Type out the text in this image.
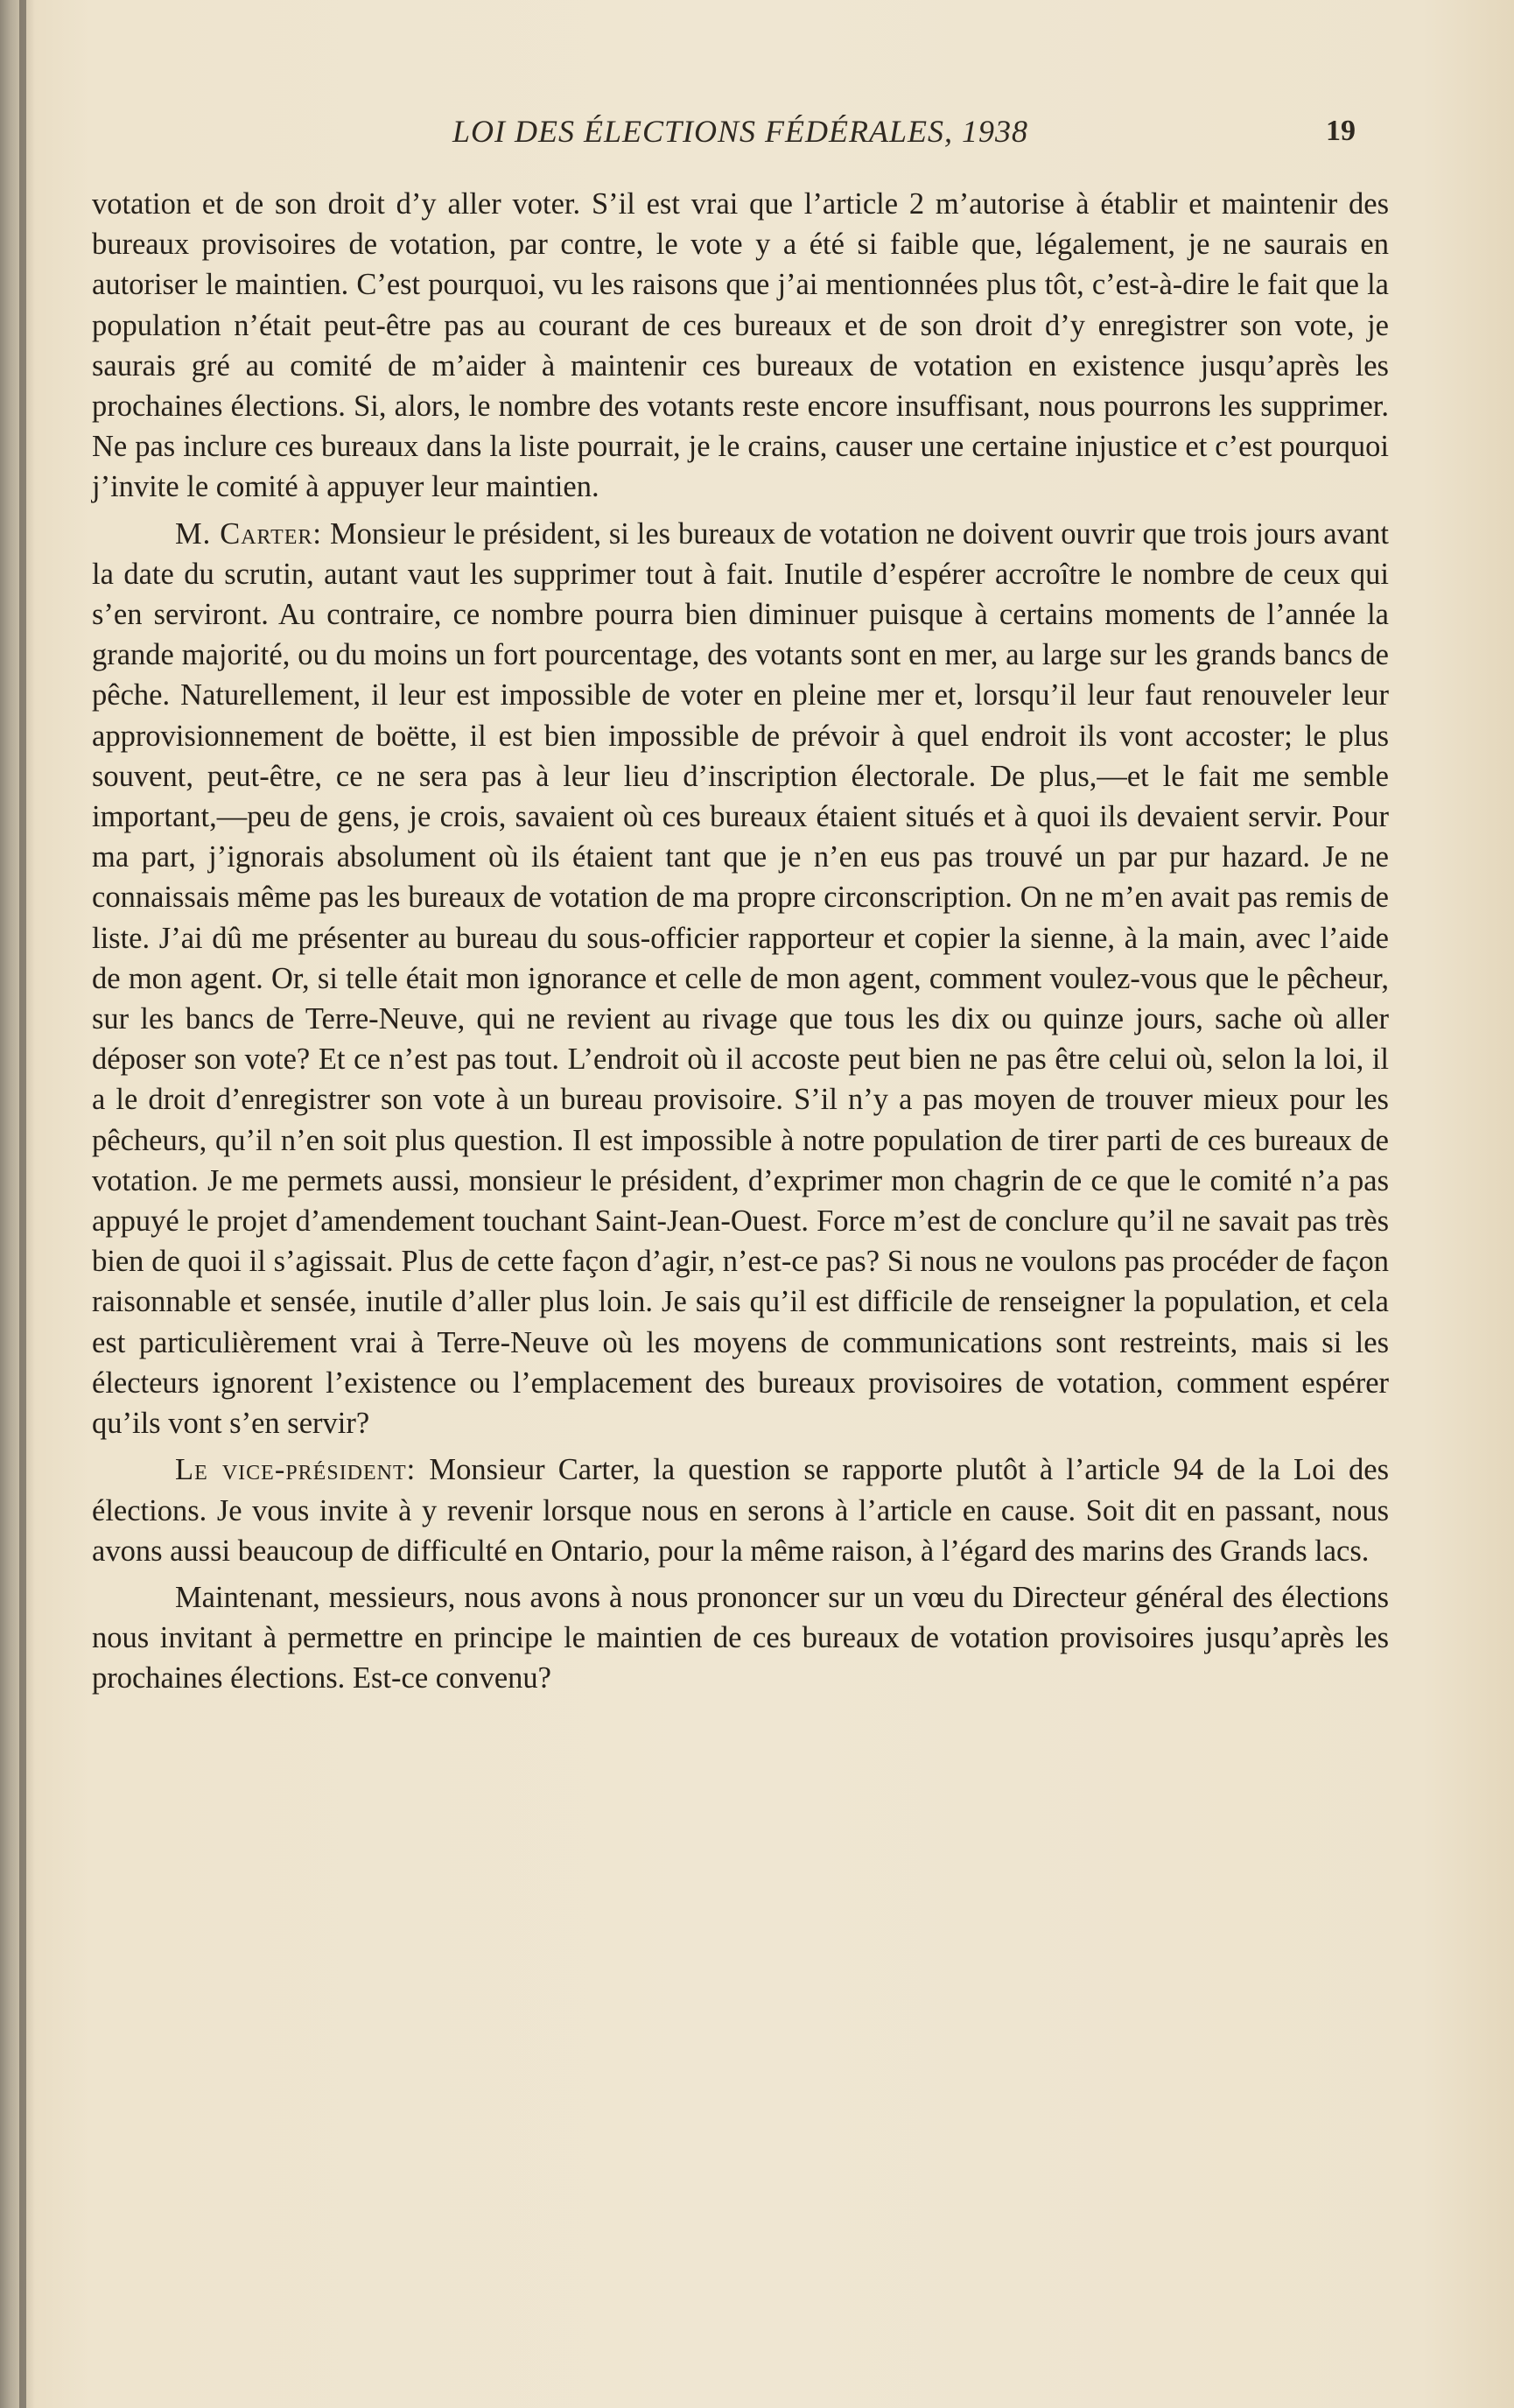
LOI DES ÉLECTIONS FÉDÉRALES, 1938	19

votation et de son droit d’y aller voter. S’il est vrai que l’article 2 m’autorise à établir et maintenir des bureaux provisoires de votation, par contre, le vote y a été si faible que, légalement, je ne saurais en autoriser le maintien. C’est pourquoi, vu les raisons que j’ai mentionnées plus tôt, c’est-à-dire le fait que la population n’était peut-être pas au courant de ces bureaux et de son droit d’y enregistrer son vote, je saurais gré au comité de m’aider à maintenir ces bureaux de votation en existence jusqu’après les prochaines élections. Si, alors, le nombre des votants reste encore insuffisant, nous pourrons les supprimer. Ne pas inclure ces bureaux dans la liste pourrait, je le crains, causer une certaine injustice et c’est pourquoi j’invite le comité à appuyer leur maintien.

M. Carter: Monsieur le président, si les bureaux de votation ne doivent ouvrir que trois jours avant la date du scrutin, autant vaut les supprimer tout à fait. Inutile d’espérer accroître le nombre de ceux qui s’en serviront. Au contraire, ce nombre pourra bien diminuer puisque à certains moments de l’année la grande majorité, ou du moins un fort pourcentage, des votants sont en mer, au large sur les grands bancs de pêche. Naturellement, il leur est impossible de voter en pleine mer et, lorsqu’il leur faut renouveler leur approvisionnement de boëtte, il est bien impossible de prévoir à quel endroit ils vont accoster; le plus souvent, peut-être, ce ne sera pas à leur lieu d’inscription électorale. De plus,—et le fait me semble important,—peu de gens, je crois, savaient où ces bureaux étaient situés et à quoi ils devaient servir. Pour ma part, j’ignorais absolument où ils étaient tant que je n’en eus pas trouvé un par pur hazard. Je ne connaissais même pas les bureaux de votation de ma propre circonscription. On ne m’en avait pas remis de liste. J’ai dû me présenter au bureau du sous-officier rapporteur et copier la sienne, à la main, avec l’aide de mon agent. Or, si telle était mon ignorance et celle de mon agent, comment voulez-vous que le pêcheur, sur les bancs de Terre-Neuve, qui ne revient au rivage que tous les dix ou quinze jours, sache où aller déposer son vote? Et ce n’est pas tout. L’endroit où il accoste peut bien ne pas être celui où, selon la loi, il a le droit d’enregistrer son vote à un bureau provisoire. S’il n’y a pas moyen de trouver mieux pour les pêcheurs, qu’il n’en soit plus question. Il est impossible à notre population de tirer parti de ces bureaux de votation. Je me permets aussi, monsieur le président, d’exprimer mon chagrin de ce que le comité n’a pas appuyé le projet d’amendement touchant Saint-Jean-Ouest. Force m’est de conclure qu’il ne savait pas très bien de quoi il s’agissait. Plus de cette façon d’agir, n’est-ce pas? Si nous ne voulons pas procéder de façon raisonnable et sensée, inutile d’aller plus loin. Je sais qu’il est difficile de renseigner la population, et cela est particulièrement vrai à Terre-Neuve où les moyens de communications sont restreints, mais si les électeurs ignorent l’existence ou l’emplacement des bureaux provisoires de votation, comment espérer qu’ils vont s’en servir?

Le vice-président: Monsieur Carter, la question se rapporte plutôt à l’article 94 de la Loi des élections. Je vous invite à y revenir lorsque nous en serons à l’article en cause. Soit dit en passant, nous avons aussi beaucoup de difficulté en Ontario, pour la même raison, à l’égard des marins des Grands lacs.

Maintenant, messieurs, nous avons à nous prononcer sur un vœu du Directeur général des élections nous invitant à permettre en principe le maintien de ces bureaux de votation provisoires jusqu’après les prochaines élections. Est-ce convenu?
